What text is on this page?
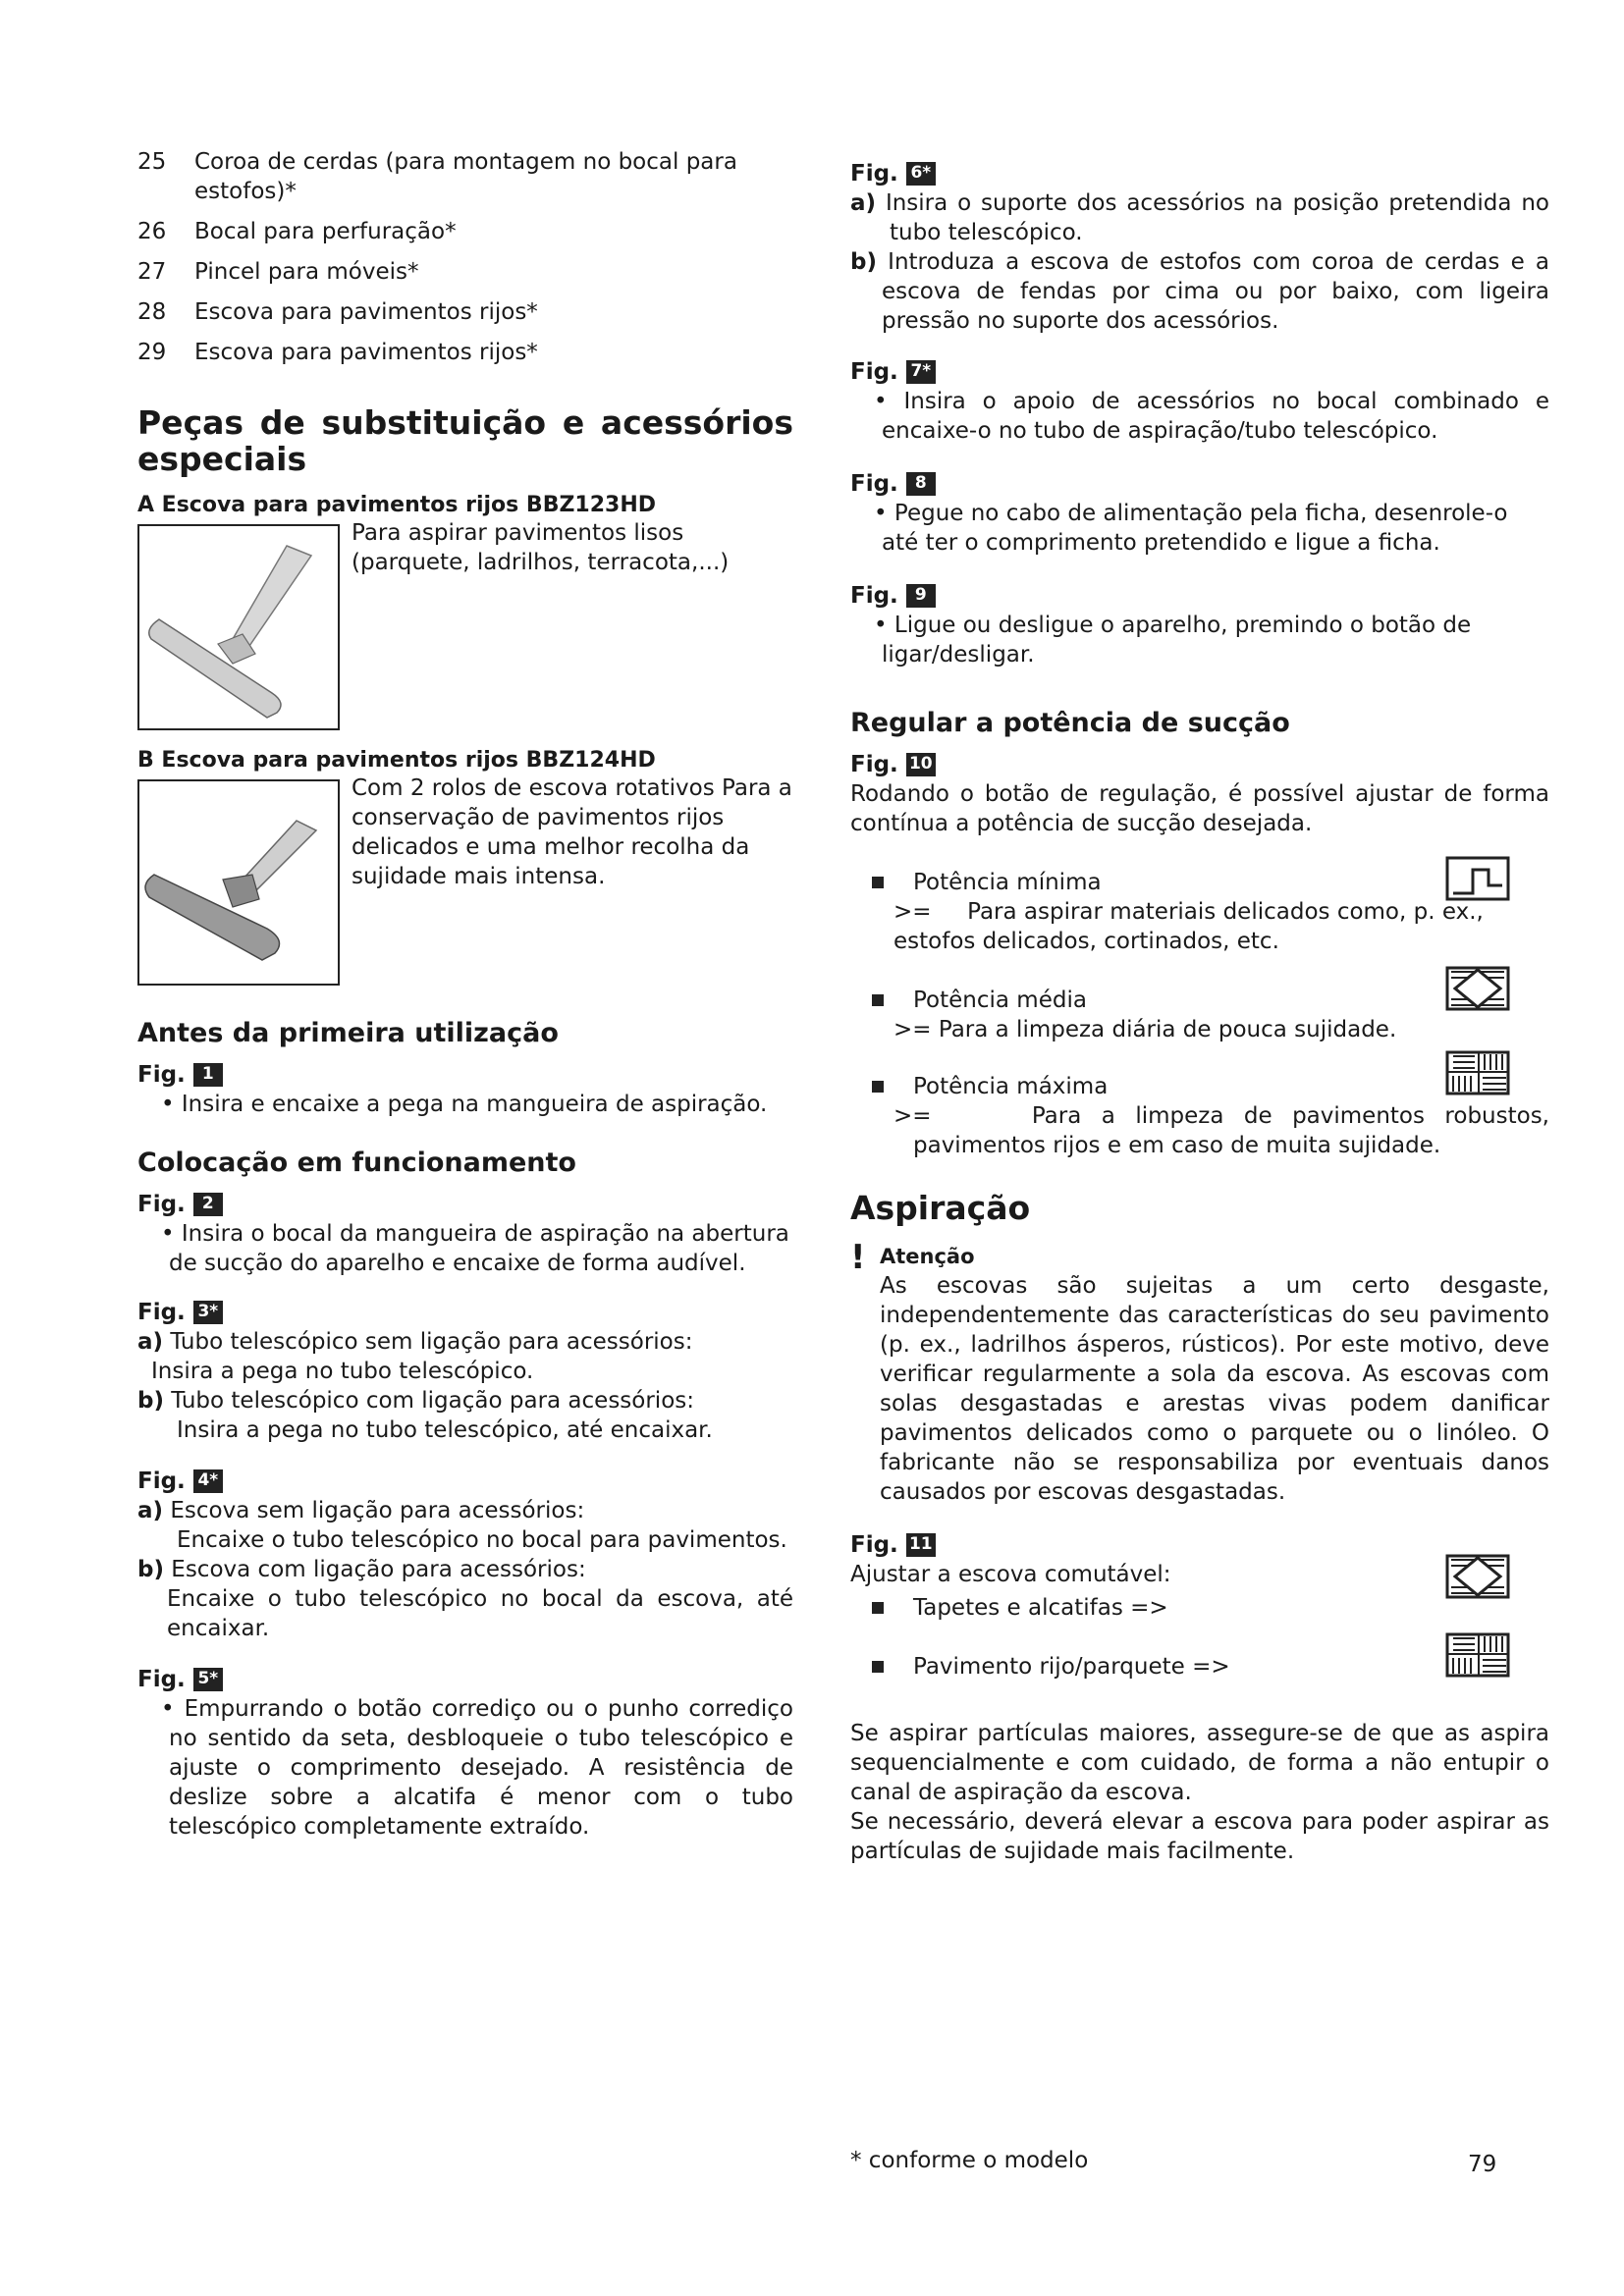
25	Coroa de cerdas (para montagem no bocal para estofos)*
26	Bocal para perfuração*
27	Pincel para móveis*
28	Escova para pavimentos rijos*
29	Escova para pavimentos rijos*
Peças de substituição e acessórios especiais
A Escova para pavimentos rijos BBZ123HD
Para aspirar pavimentos lisos (parquete, ladrilhos, terracota,...)
B Escova para pavimentos rijos BBZ124HD
Com 2 rolos de escova rotativos Para a conservação de pavimentos rijos delicados e uma melhor recolha da sujidade mais intensa.
Antes da primeira utilização
Fig.	1

• Insira e encaixe a pega na mangueira de aspiração.

Colocação em funcionamento
Fig.	2

• Insira o bocal da mangueira de aspiração na abertura de sucção do aparelho e encaixe de forma audível.

Fig. 3*

a) Tubo telescópico sem ligação para acessórios:

Insira a pega no tubo telescópico.

b) Tubo telescópico com ligação para acessórios:

Insira a pega no tubo telescópico, até encaixar.

Fig. 4*

a) Escova sem ligação para acessórios:

Encaixe o tubo telescópico no bocal para pavimentos.

b) Escova com ligação para acessórios:

Encaixe o tubo telescópico no bocal da escova, até encaixar.

Fig. 5*

• Empurrando o botão corrediço ou o punho corrediço no sentido da seta, desbloqueie o tubo telescópico e ajuste o comprimento desejado. A resistência de deslize sobre a alcatifa é menor com o tubo telescópico completamente extraído.

Fig. 6*

a) Insira o suporte dos acessórios na posição pretendida no tubo telescópico.

b) Introduza a escova de estofos com coroa de cerdas e a escova de fendas por cima ou por baixo, com ligeira pressão no suporte dos acessórios.

Fig. 7*

• Insira o apoio de acessórios no bocal combinado e encaixe-o no tubo de aspiração/tubo telescópico.

Fig.	8

• Pegue no cabo de alimentação pela ficha, desenrole-o até ter o comprimento pretendido e ligue a ficha.

Fig.	9

• Ligue ou desligue o aparelho, premindo o botão de ligar/desligar.

Regular a potência de sucção
Fig. 10

Rodando o botão de regulação, é possível ajustar de forma contínua a potência de sucção desejada.

Potência mínima

>= Para aspirar materiais delicados como, p. ex., estofos delicados, cortinados, etc.

Potência média

>= Para a limpeza diária de pouca sujidade.

Potência máxima

>=	Para a limpeza de pavimentos robustos, pavimentos rijos e em caso de muita sujidade.

Aspiração
! Atenção

As escovas são sujeitas a um certo desgaste, independentemente das características do seu pavimento (p. ex., ladrilhos ásperos, rústicos). Por este motivo, deve verificar regularmente a sola da escova. As escovas com solas desgastadas e arestas vivas podem danificar pavimentos delicados como o parquete ou o linóleo. O fabricante não se responsabiliza por eventuais danos causados por escovas desgastadas.

Fig. 11

Ajustar a escova comutável:

Tapetes e alcatifas =>
Pavimento rijo/parquete =>

Se aspirar partículas maiores, assegure-se de que as aspira sequencialmente e com cuidado, de forma a não entupir o canal de aspiração da escova.

Se necessário, deverá elevar a escova para poder aspirar as partículas de sujidade mais facilmente.

* conforme o modelo	79
